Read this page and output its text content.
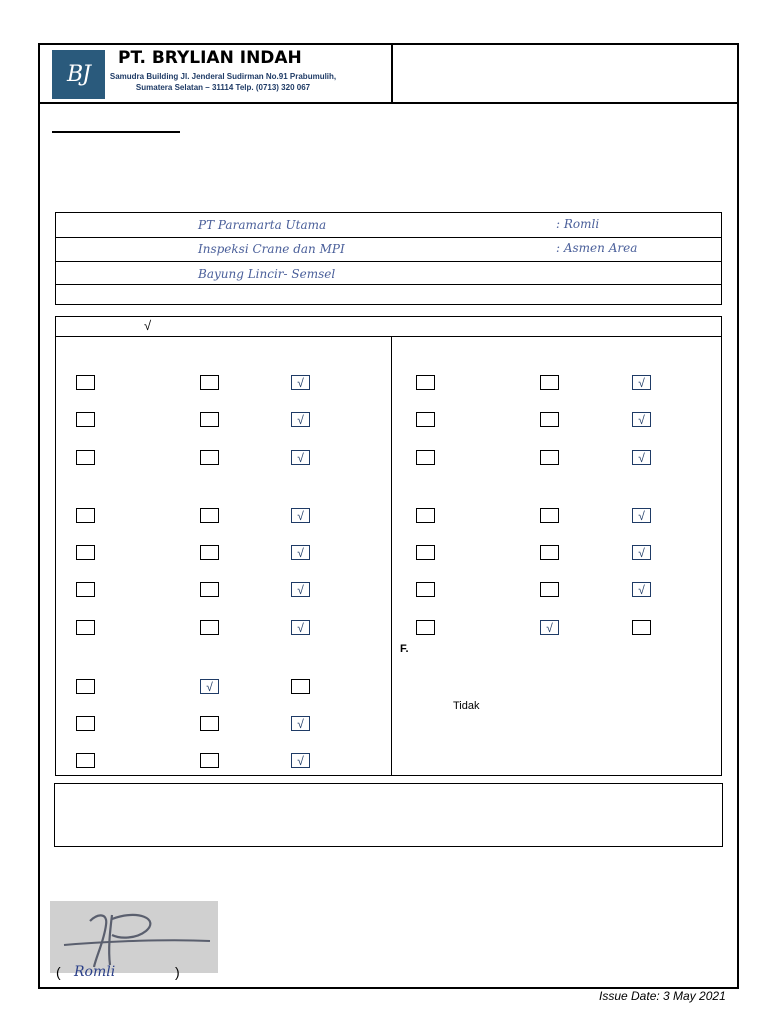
BJ
PT. BRYLIAN INDAH
Samudra Building Jl. Jenderal Sudirman No.91 Prabumulih,
Sumatera Selatan – 31114 Telp. (0713) 320 067
PT Paramarta Utama
Inspeksi Crane dan MPI
Bayung Lincir- Semsel
: Romli
: Asmen Area
√
√
√
√
√
√
√
√
√
√
√
√
√
√
√
√
√
√
F.
Tidak
( Romli	)
Issue Date: 3 May 2021
